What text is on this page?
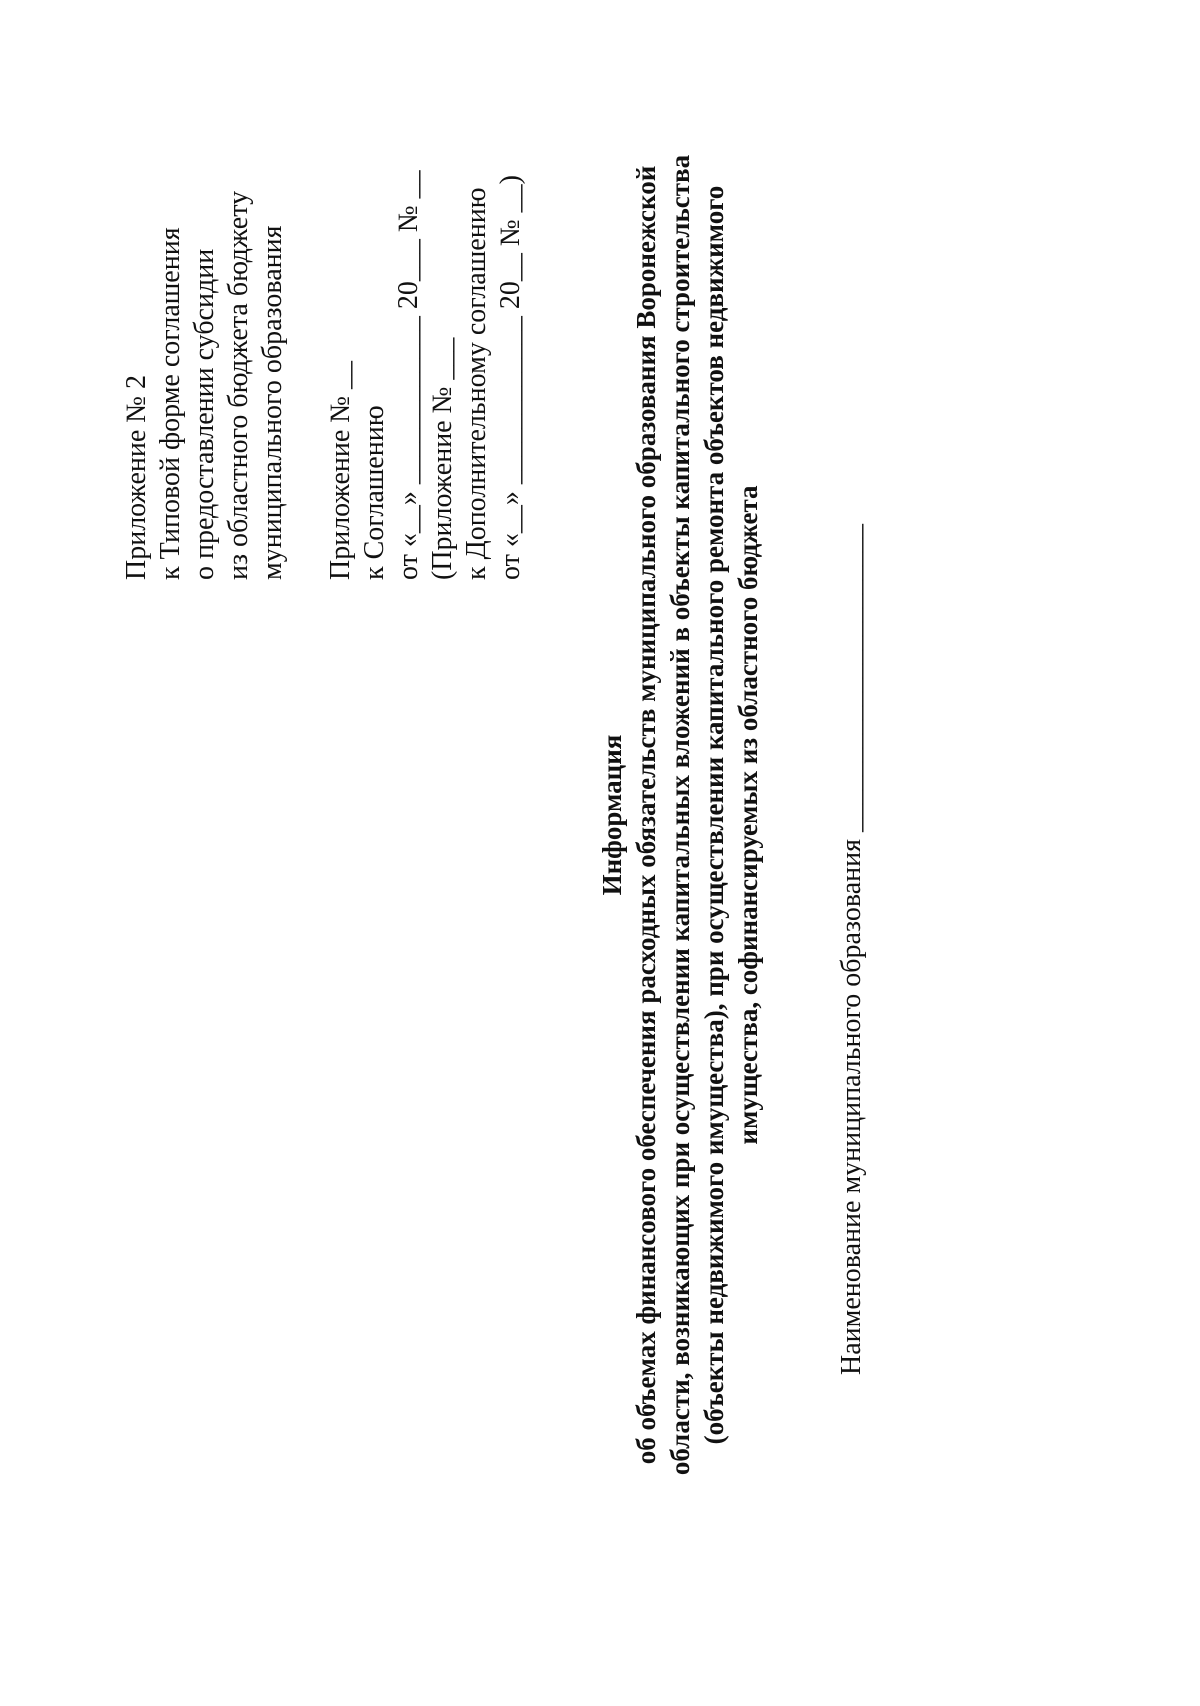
Приложение № 2 к Типовой форме соглашения о предоставлении субсидии из областного бюджета бюджету муниципального образования Приложение № __ к Соглашению от «__» ____________ 20___ № __ (Приложение № ___ к Дополнительному соглашению от «__» ____________ 20__ № __)
Информация об объемах финансового обеспечения расходных обязательств муниципального образования Воронежской области, возникающих при осуществлении капитальных вложений в объекты капитального строительства (объекты недвижимого имущества), при осуществлении капитального ремонта объектов недвижимого имущества, софинансируемых из областного бюджета	Наименование муниципального образования ______________________
